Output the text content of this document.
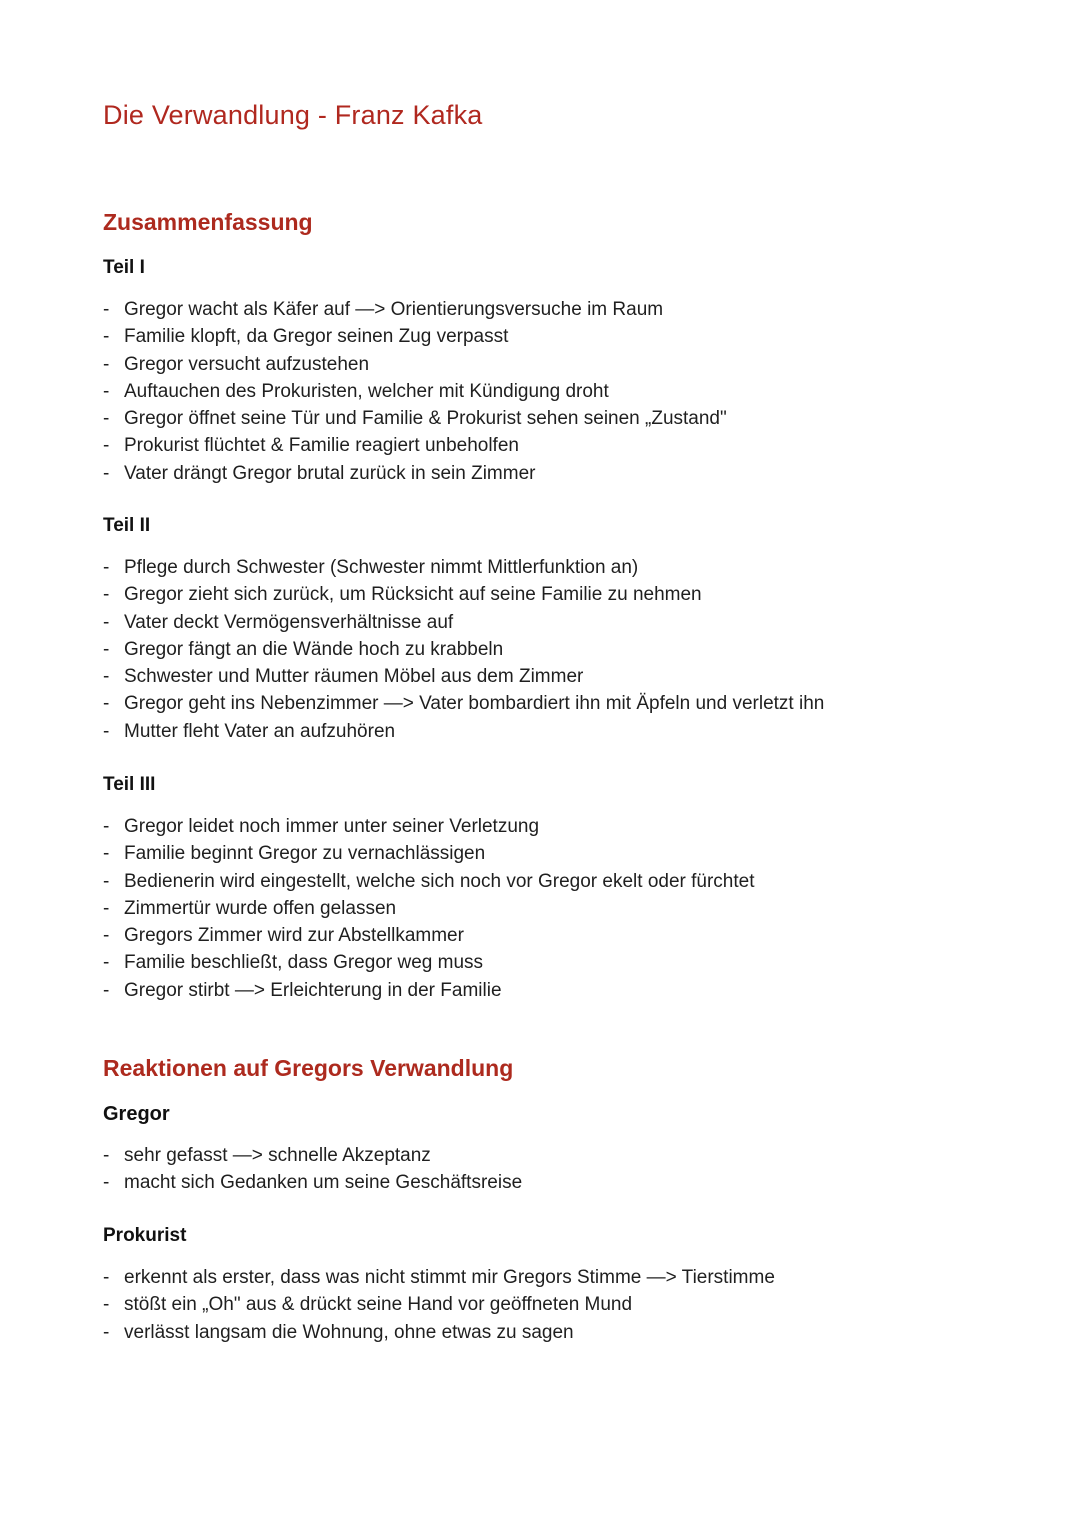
Die Verwandlung - Franz Kafka
Zusammenfassung
Teil I
- Gregor wacht als Käfer auf —> Orientierungsversuche im Raum
- Familie klopft, da Gregor seinen Zug verpasst
- Gregor versucht aufzustehen
- Auftauchen des Prokuristen, welcher mit Kündigung droht
- Gregor öffnet seine Tür und Familie & Prokurist sehen seinen „Zustand"
- Prokurist flüchtet & Familie reagiert unbeholfen
- Vater drängt Gregor brutal zurück in sein Zimmer
Teil II
- Pflege durch Schwester (Schwester nimmt Mittlerfunktion an)
- Gregor zieht sich zurück, um Rücksicht auf seine Familie zu nehmen
- Vater deckt Vermögensverhältnisse auf
- Gregor fängt an die Wände hoch zu krabbeln
- Schwester und Mutter räumen Möbel aus dem Zimmer
- Gregor geht ins Nebenzimmer —> Vater bombardiert ihn mit Äpfeln und verletzt ihn
- Mutter fleht Vater an aufzuhören
Teil III
- Gregor leidet noch immer unter seiner Verletzung
- Familie beginnt Gregor zu vernachlässigen
- Bedienerin wird eingestellt, welche sich noch vor Gregor ekelt oder fürchtet
- Zimmertür wurde offen gelassen
- Gregors Zimmer wird zur Abstellkammer
- Familie beschließt, dass Gregor weg muss
- Gregor stirbt —> Erleichterung in der Familie
Reaktionen auf Gregors Verwandlung
Gregor
- sehr gefasst —> schnelle Akzeptanz
- macht sich Gedanken um seine Geschäftsreise
Prokurist
- erkennt als erster, dass was nicht stimmt mir Gregors Stimme —> Tierstimme
- stößt ein „Oh" aus & drückt seine Hand vor geöffneten Mund
- verlässt langsam die Wohnung, ohne etwas zu sagen
